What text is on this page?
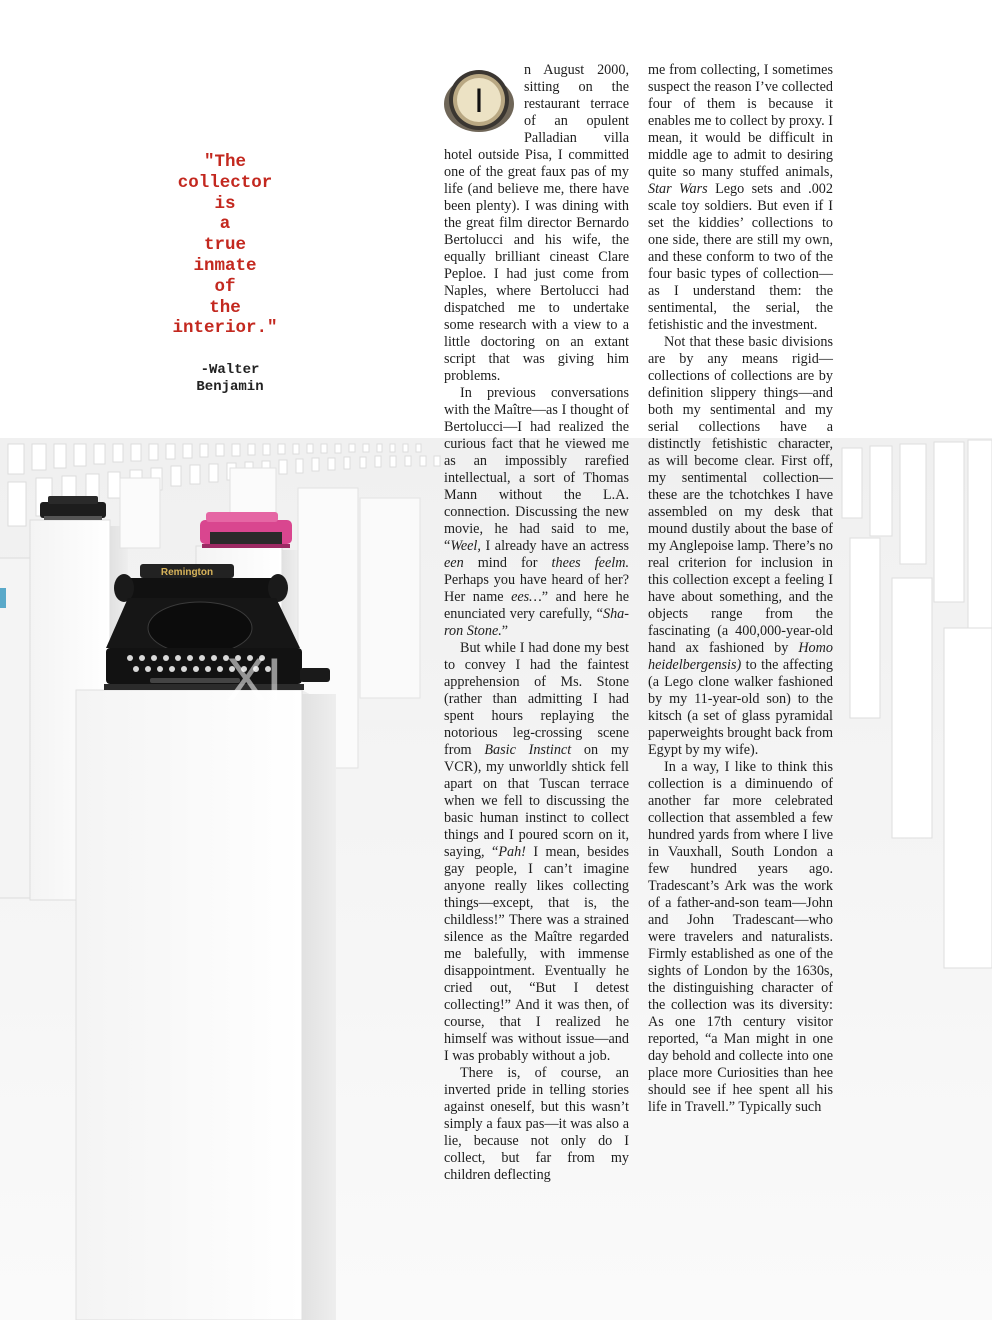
Remington
XI
"The
collector
is
a
true
inmate
of
the
interior."
-Walter
Benjamin
I

n August 2000, sitting on the restaurant terrace of an opulent Palladian villa hotel outside Pisa, I committed one of the great faux pas of my life (and believe me, there have been plenty). I was dining with the great film director Bernardo Bertolucci and his wife, the equally brilliant cineast Clare Peploe. I had just come from Naples, where Bertolucci had dispatched me to undertake some research with a view to a little doctoring on an extant script that was giving him problems.

In previous conversations with the Maître—as I thought of Bertolucci—I had realized the curious fact that he viewed me as an impossibly rarefied intellectual, a sort of Thomas Mann without the L.A. connection. Discussing the new movie, he had said to me, “Weel, I already have an actress een mind for thees feelm. Perhaps you have heard of her? Her name ees…” and here he enunciated very carefully, “Sha-ron Stone.”

But while I had done my best to convey I had the faintest apprehension of Ms. Stone (rather than admitting I had spent hours replaying the notorious leg-crossing scene from Basic Instinct on my VCR), my unworldly shtick fell apart on that Tuscan terrace when we fell to discussing the basic human instinct to collect things and I poured scorn on it, saying, “Pah! I mean, besides gay people, I can’t imagine anyone really likes collecting things—except, that is, the childless!” There was a strained silence as the Maître regarded me balefully, with immense disappointment. Eventually he cried out, “But I detest collecting!” And it was then, of course, that I realized he himself was without issue—and I was probably without a job.

There is, of course, an inverted pride in telling stories against oneself, but this wasn’t simply a faux pas—it was also a lie, because not only do I collect, but far from my children deflecting

me from collecting, I sometimes suspect the reason I’ve collected four of them is because it enables me to collect by proxy. I mean, it would be difficult in middle age to admit to desiring quite so many stuffed animals, Star Wars Lego sets and .002 scale toy soldiers. But even if I set the kiddies’ collections to one side, there are still my own, and these conform to two of the four basic types of collection—as I understand them: the sentimental, the serial, the fetishistic and the investment.

Not that these basic divisions are by any means rigid—collections of collections are by definition slippery things—and both my sentimental and my serial collections have a distinctly fetishistic character, as will become clear. First off, my sentimental collection—these are the tchotchkes I have assembled on my desk that mound dustily about the base of my Anglepoise lamp. There’s no real criterion for inclusion in this collection except a feeling I have about something, and the objects range from the fascinating (a 400,000-year-old hand ax fashioned by Homo heidelbergensis) to the affecting (a Lego clone walker fashioned by my 11-year-old son) to the kitsch (a set of glass pyramidal paperweights brought back from Egypt by my wife).

In a way, I like to think this collection is a diminuendo of another far more celebrated collection that assembled a few hundred yards from where I live in Vauxhall, South London a few hundred years ago. Tradescant’s Ark was the work of a father-and-son team—John and John Tradescant—who were travelers and naturalists. Firmly established as one of the sights of London by the 1630s, the distinguishing character of the collection was its diversity: As one 17th century visitor reported, “a Man might in one day behold and collecte into one place more Curiosities than hee should see if hee spent all his life in Travell.” Typically such
